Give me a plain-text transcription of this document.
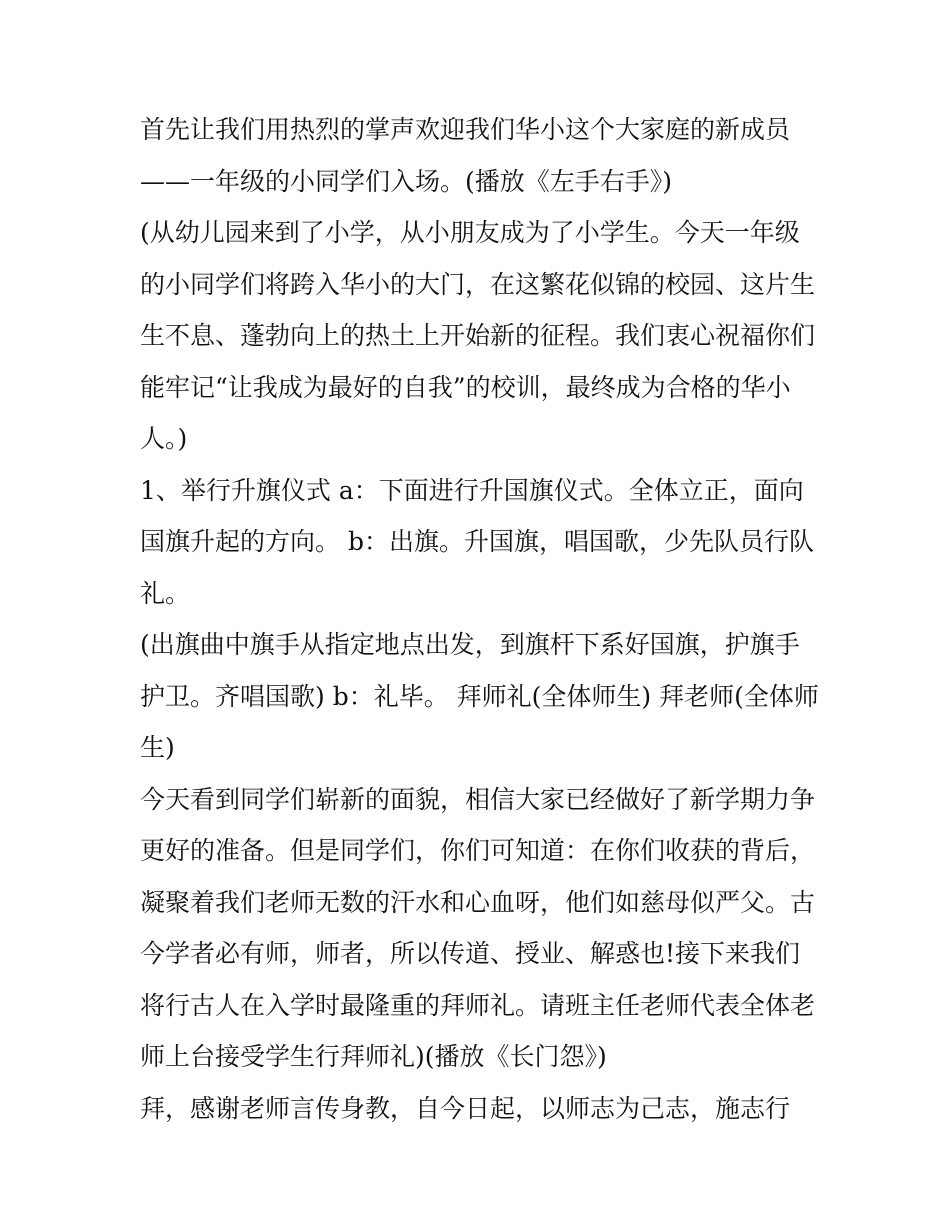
首先让我们用热烈的掌声欢迎我们华小这个大家庭的新成员
——一年级的小同学们入场。(播放《左手右手》)
(从幼儿园来到了小学，从小朋友成为了小学生。今天一年级
的小同学们将跨入华小的大门，在这繁花似锦的校园、这片生
生不息、蓬勃向上的热土上开始新的征程。我们衷心祝福你们
能牢记“让我成为最好的自我”的校训，最终成为合格的华小
人。)
1、举行升旗仪式 a：下面进行升国旗仪式。全体立正，面向
国旗升起的方向。 b：出旗。升国旗，唱国歌，少先队员行队
礼。
(出旗曲中旗手从指定地点出发，到旗杆下系好国旗，护旗手
护卫。齐唱国歌) b：礼毕。 拜师礼(全体师生) 拜老师(全体师
生)
今天看到同学们崭新的面貌，相信大家已经做好了新学期力争
更好的准备。但是同学们，你们可知道：在你们收获的背后，
凝聚着我们老师无数的汗水和心血呀，他们如慈母似严父。古
今学者必有师，师者，所以传道、授业、解惑也!接下来我们
将行古人在入学时最隆重的拜师礼。请班主任老师代表全体老
师上台接受学生行拜师礼)(播放《长门怨》)
拜，感谢老师言传身教，自今日起，以师志为己志，施志行
